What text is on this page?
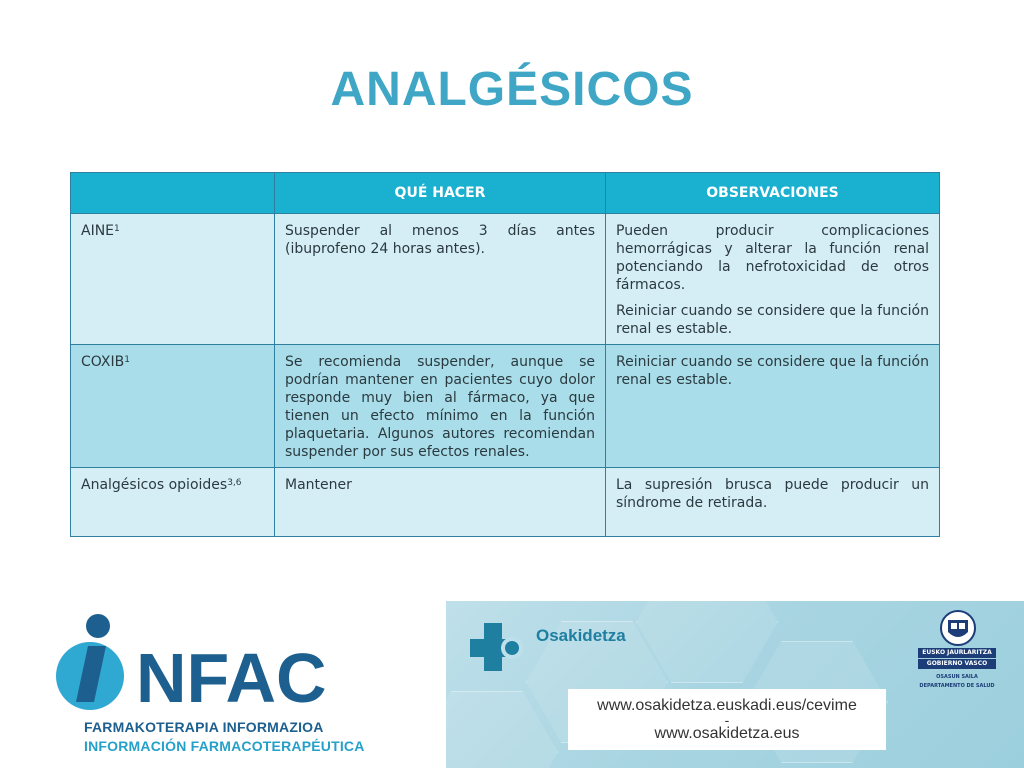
ANALGÉSICOS
	QUÉ HACER	OBSERVACIONES
AINE$^1$	Suspender al menos 3 días antes (ibuprofeno 24 horas antes).	Pueden producir complicaciones hemorrágicas y alterar la función renal potenciando la nefrotoxicidad de otros fármacos.

Reiniciar cuando se considere que la función renal es estable.

COXIB$^1$	Se recomienda suspender, aunque se podrían mantener en pacientes cuyo dolor responde muy bien al fármaco, ya que tienen un efecto mínimo en la función plaquetaria. Algunos autores recomiendan suspender por sus efectos renales.	Reiniciar cuando se considere que la función renal es estable.

Analgésicos opioides$^{3,6}$	Mantener	La supresión brusca puede producir un síndrome de retirada.

NFAC
FARMAKOTERAPIA INFORMAZIOA
INFORMACIÓN FARMACOTERAPÉUTICA
Osakidetza
www.osakidetza.euskadi.eus/cevime
-
www.osakidetza.eus
EUSKO JAURLARITZA
GOBIERNO VASCO
OSASUN SAILA
DEPARTAMENTO DE SALUD
